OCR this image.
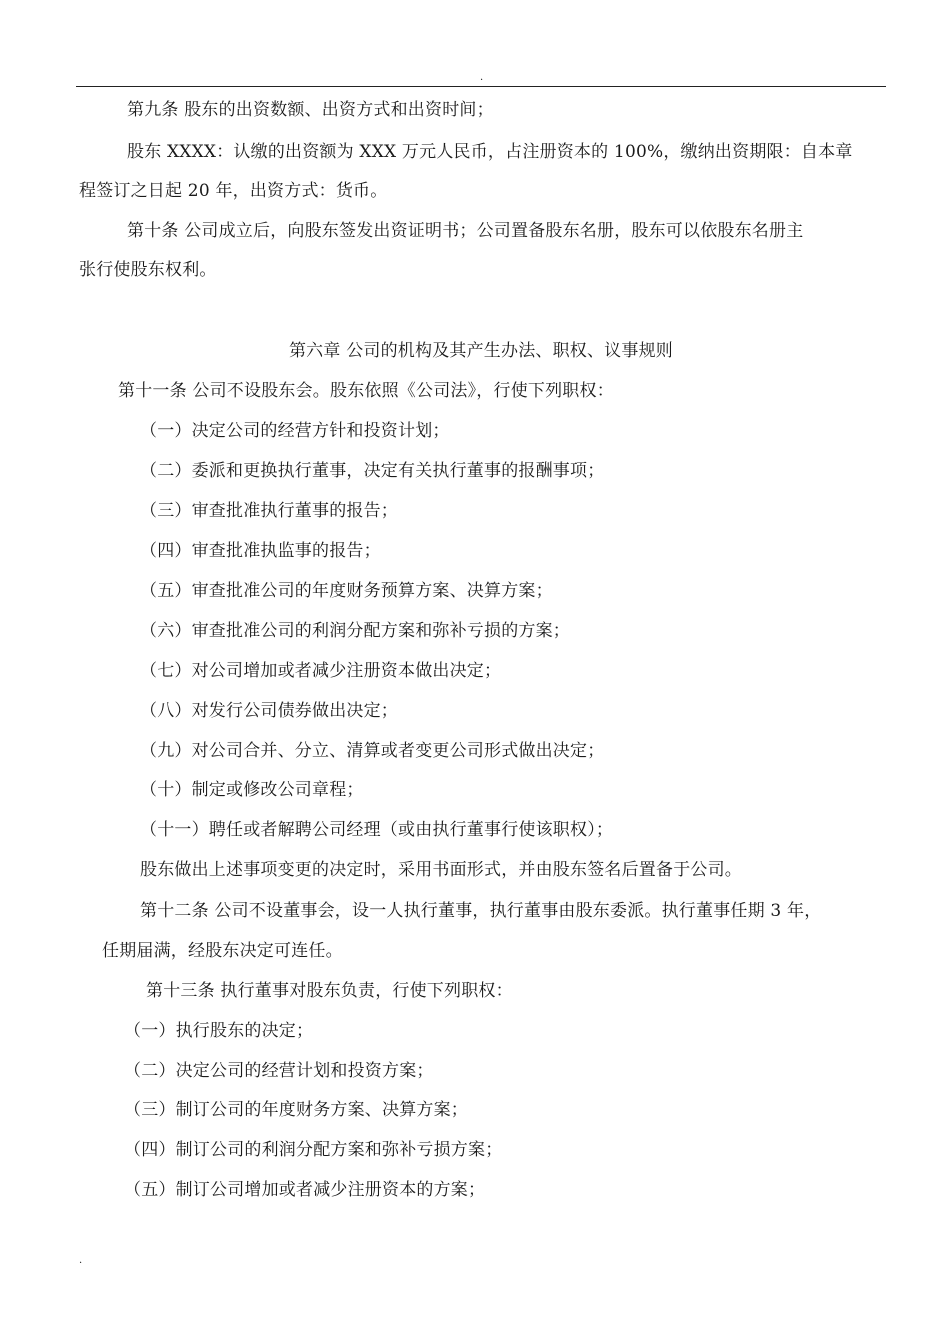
.
第九条 股东的出资数额、出资方式和出资时间；
股东 XXXX：认缴的出资额为 XXX 万元人民币，占注册资本的 100%，缴纳出资期限：自本章
程签订之日起 20 年，出资方式：货币。
第十条 公司成立后，向股东签发出资证明书；公司置备股东名册，股东可以依股东名册主
张行使股东权利。
第六章 公司的机构及其产生办法、职权、议事规则
第十一条 公司不设股东会。股东依照《公司法》，行使下列职权：
（一）决定公司的经营方针和投资计划；
（二）委派和更换执行董事，决定有关执行董事的报酬事项；
（三）审查批准执行董事的报告；
（四）审查批准执监事的报告；
（五）审查批准公司的年度财务预算方案、决算方案；
（六）审查批准公司的利润分配方案和弥补亏损的方案；
（七）对公司增加或者减少注册资本做出决定；
（八）对发行公司债券做出决定；
（九）对公司合并、分立、清算或者变更公司形式做出决定；
（十）制定或修改公司章程；
（十一）聘任或者解聘公司经理（或由执行董事行使该职权）；
股东做出上述事项变更的决定时，采用书面形式，并由股东签名后置备于公司。
第十二条 公司不设董事会，设一人执行董事，执行董事由股东委派。执行董事任期 3 年，
任期届满，经股东决定可连任。
第十三条 执行董事对股东负责，行使下列职权：
（一）执行股东的决定；
（二）决定公司的经营计划和投资方案；
（三）制订公司的年度财务方案、决算方案；
（四）制订公司的利润分配方案和弥补亏损方案；
（五）制订公司增加或者减少注册资本的方案；
.
